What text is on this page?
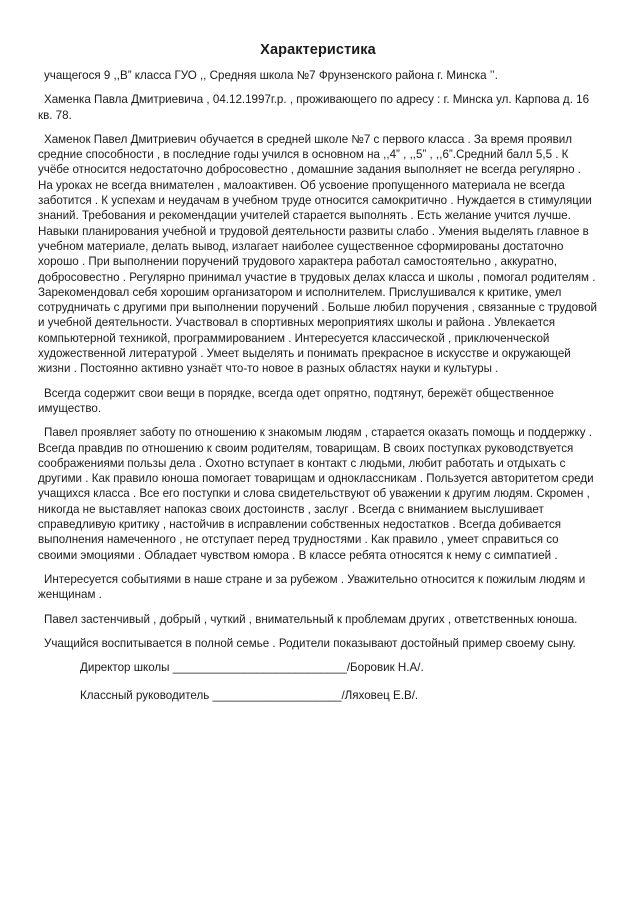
Характеристика

учащегося 9 ,,В” класса ГУО ,, Средняя школа №7 Фрунзенского района г. Минска ’’.

Хаменка Павла Дмитриевича , 04.12.1997г.р. , проживающего по адресу : г. Минска ул. Карпова д. 16 кв. 78.

Хаменок Павел Дмитриевич обучается в средней школе №7 с первого класса . За время проявил средние способности , в последние годы учился в основном на ,,4” , ,,5” , ,,6”.Средний балл 5,5 . К учёбе относится недостаточно добросовестно , домашние задания выполняет не всегда регулярно . На уроках не всегда внимателен , малоактивен. Об усвоение пропущенного материала не всегда заботится . К успехам и неудачам в учебном труде относится самокритично . Нуждается в стимуляции знаний. Требования и рекомендации учителей старается выполнять . Есть желание учится лучше. Навыки планирования учебной и трудовой деятельности развиты слабо . Умения выделять главное в учебном материале, делать вывод, излагает наиболее существенное сформированы достаточно хорошо . При выполнении поручений трудового характера работал самостоятельно , аккуратно, добросовестно . Регулярно принимал участие в трудовых делах класса и школы , помогал родителям . Зарекомендовал себя хорошим организатором и исполнителем. Прислушивался к критике, умел сотрудничать с другими при выполнении поручений . Больше любил поручения , связанные с трудовой и учебной деятельности. Участвовал в спортивных мероприятиях школы и района . Увлекается компьютерной техникой, программированием . Интересуется классической , приключенческой художественной литературой . Умеет выделять и понимать прекрасное в искусстве и окружающей жизни . Постоянно активно узнаёт что-то новое в разных областях науки и культуры .

Всегда содержит свои вещи в порядке, всегда одет опрятно, подтянут, бережёт общественное имущество.

Павел проявляет заботу по отношению к знакомым людям , старается оказать помощь и поддержку . Всегда правдив по отношению к своим родителям, товарищам. В своих поступках руководствуется соображениями пользы дела . Охотно вступает в контакт с людьми, любит работать и отдыхать с другими . Как правило юноша помогает товарищам и одноклассникам . Пользуется авторитетом среди учащихся класса . Все его поступки и слова свидетельствуют об уважении к другим людям. Скромен , никогда не выставляет напоказ своих достоинств , заслуг . Всегда с вниманием выслушивает справедливую критику , настойчив в исправлении собственных недостатков . Всегда добивается выполнения намеченного , не отступает перед трудностями . Как правило , умеет справиться со своими эмоциями . Обладает чувством юмора . В классе ребята относятся к нему с симпатией .

Интересуется событиями в наше стране и за рубежом . Уважительно относится к пожилым людям и женщинам .

Павел застенчивый , добрый , чуткий , внимательный к проблемам других , ответственных юноша.

Учащийся воспитывается в полной семье . Родители показывают достойный пример своему сыну.

Директор школы ___________________________/Боровик Н.А/.
Классный руководитель ____________________/Ляховец Е.В/.
